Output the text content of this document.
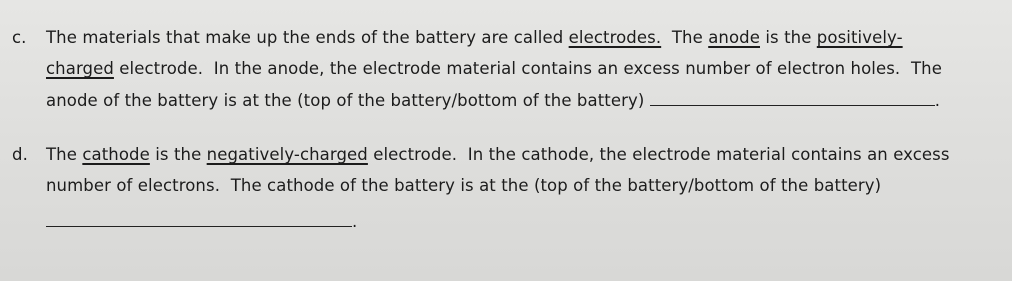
c. The materials that make up the ends of the battery are called electrodes.  The anode is the positively-
charged electrode.  In the anode, the electrode material contains an excess number of electron holes.  The
anode of the battery is at the (top of the battery/bottom of the battery)	.
d. The cathode is the negatively-charged electrode.  In the cathode, the electrode material contains an excess
number of electrons.  The cathode of the battery is at the (top of the battery/bottom of the battery)
.
